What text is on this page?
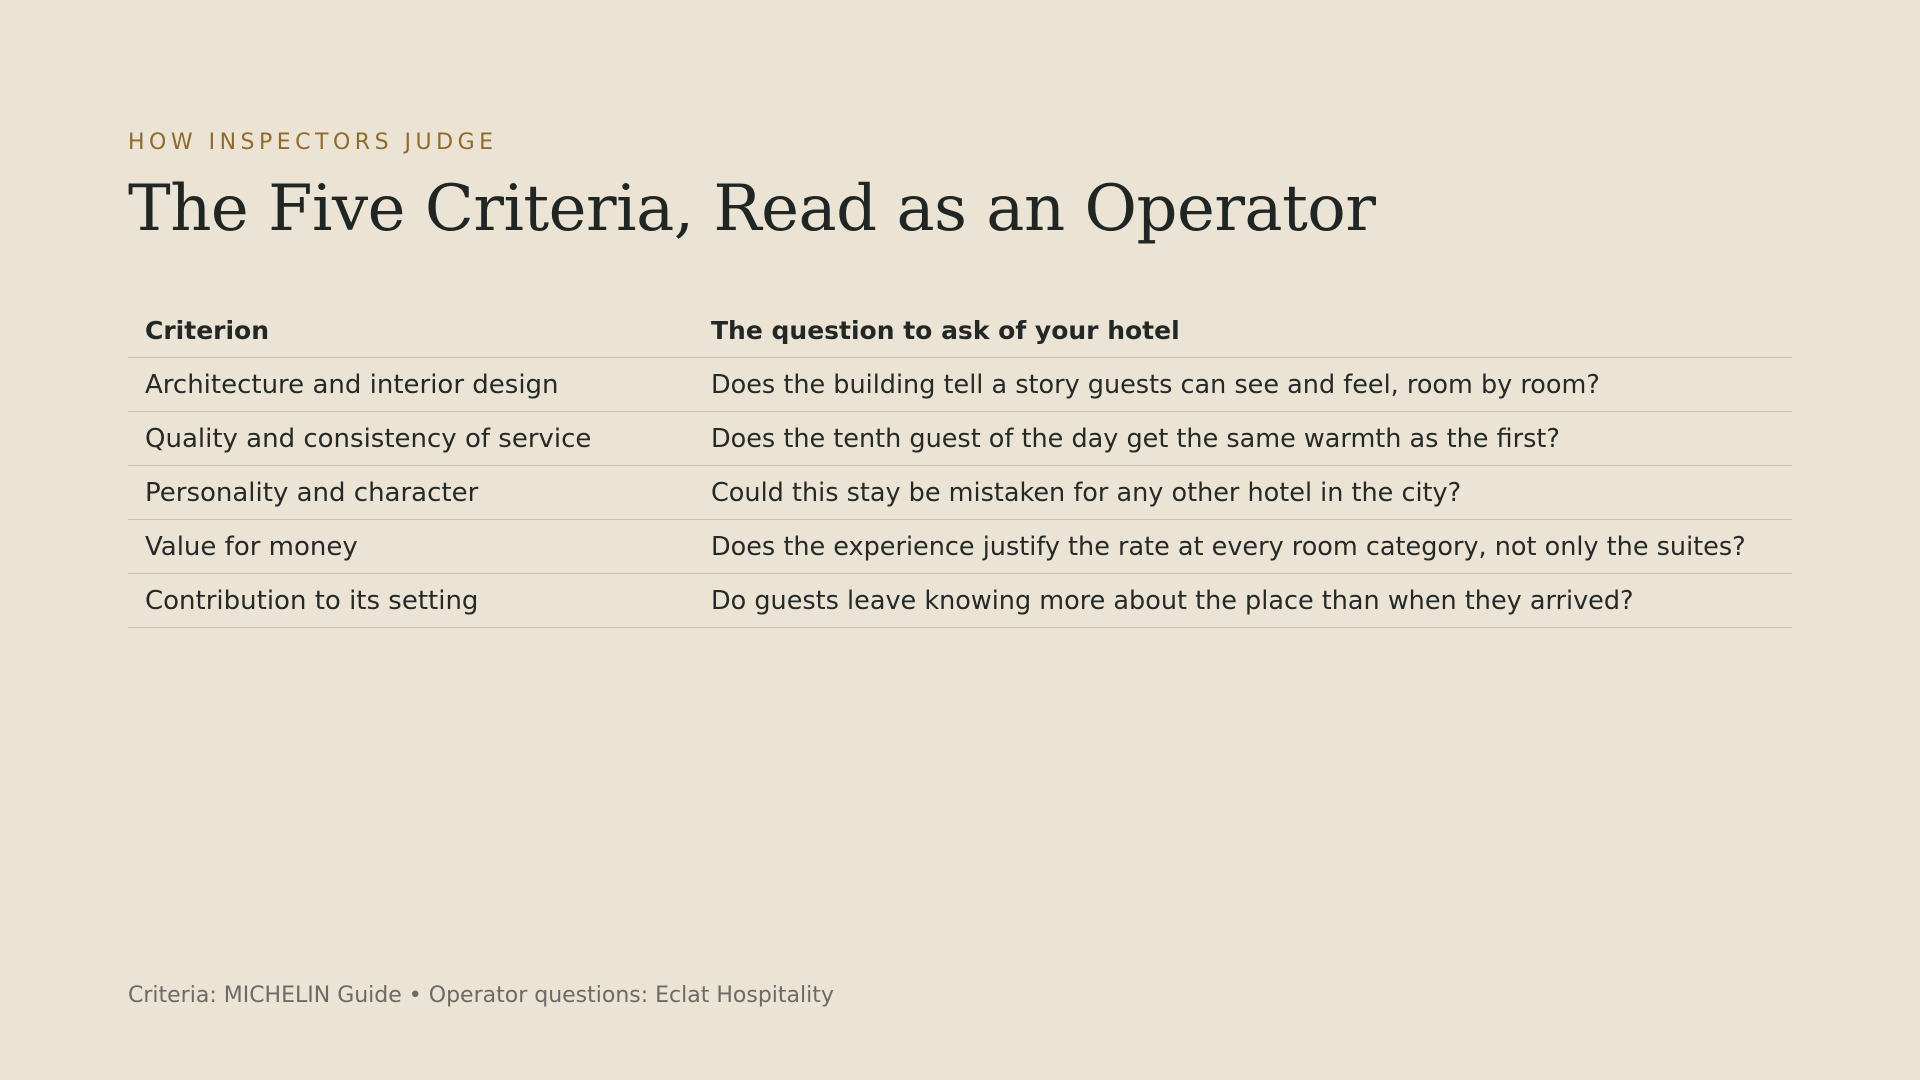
HOW INSPECTORS JUDGE
The Five Criteria, Read as an Operator
Criterion	The question to ask of your hotel
Architecture and interior design	Does the building tell a story guests can see and feel, room by room?
Quality and consistency of service	Does the tenth guest of the day get the same warmth as the first?
Personality and character	Could this stay be mistaken for any other hotel in the city?
Value for money	Does the experience justify the rate at every room category, not only the suites?
Contribution to its setting	Do guests leave knowing more about the place than when they arrived?
Criteria: MICHELIN Guide • Operator questions: Eclat Hospitality
